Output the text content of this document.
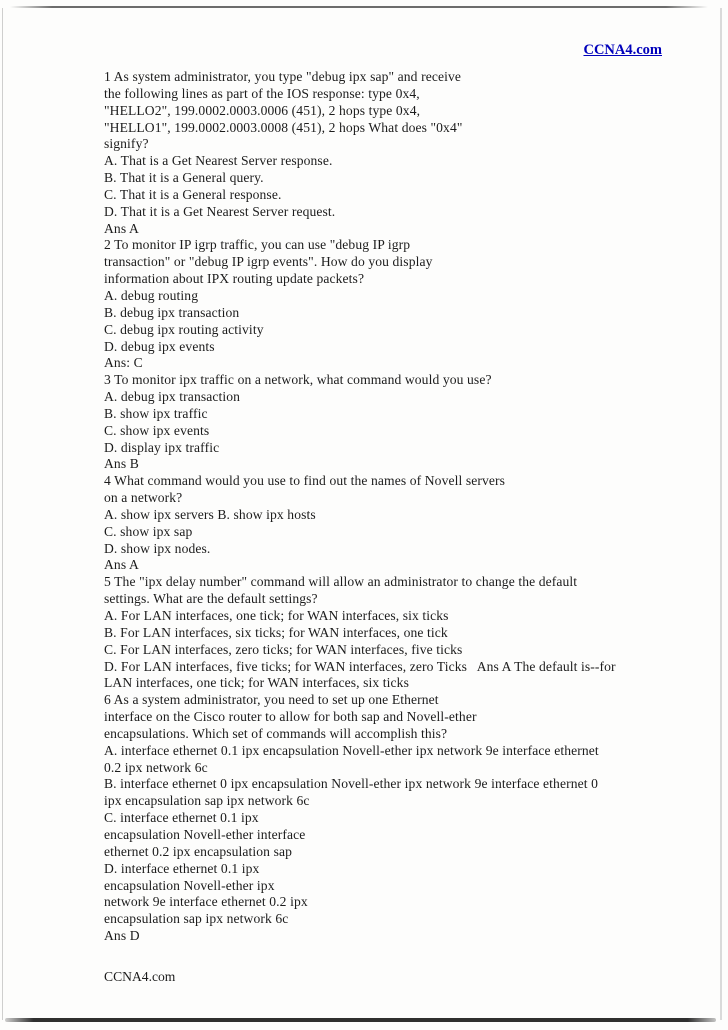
CCNA4.com
1 As system administrator, you type "debug ipx sap" and receive
the following lines as part of the IOS response: type 0x4,
"HELLO2", 199.0002.0003.0006 (451), 2 hops type 0x4,
"HELLO1", 199.0002.0003.0008 (451), 2 hops What does "0x4"
signify?
A. That is a Get Nearest Server response.
B. That it is a General query.
C. That it is a General response.
D. That it is a Get Nearest Server request.
Ans A
2 To monitor IP igrp traffic, you can use "debug IP igrp
transaction" or "debug IP igrp events". How do you display
information about IPX routing update packets?
A. debug routing
B. debug ipx transaction
C. debug ipx routing activity
D. debug ipx events
Ans: C
3 To monitor ipx traffic on a network, what command would you use?
A. debug ipx transaction
B. show ipx traffic
C. show ipx events
D. display ipx traffic
Ans B
4 What command would you use to find out the names of Novell servers
on a network?
A. show ipx servers B. show ipx hosts
C. show ipx sap
D. show ipx nodes.
Ans A
5 The "ipx delay number" command will allow an administrator to change the default
settings. What are the default settings?
A. For LAN interfaces, one tick; for WAN interfaces, six ticks
B. For LAN interfaces, six ticks; for WAN interfaces, one tick
C. For LAN interfaces, zero ticks; for WAN interfaces, five ticks
D. For LAN interfaces, five ticks; for WAN interfaces, zero Ticks   Ans A The default is--for
LAN interfaces, one tick; for WAN interfaces, six ticks
6 As a system administrator, you need to set up one Ethernet
interface on the Cisco router to allow for both sap and Novell-ether
encapsulations. Which set of commands will accomplish this?
A. interface ethernet 0.1 ipx encapsulation Novell-ether ipx network 9e interface ethernet
0.2 ipx network 6c
B. interface ethernet 0 ipx encapsulation Novell-ether ipx network 9e interface ethernet 0
ipx encapsulation sap ipx network 6c
C. interface ethernet 0.1 ipx
encapsulation Novell-ether interface
ethernet 0.2 ipx encapsulation sap
D. interface ethernet 0.1 ipx
encapsulation Novell-ether ipx
network 9e interface ethernet 0.2 ipx
encapsulation sap ipx network 6c
Ans D
CCNA4.com
